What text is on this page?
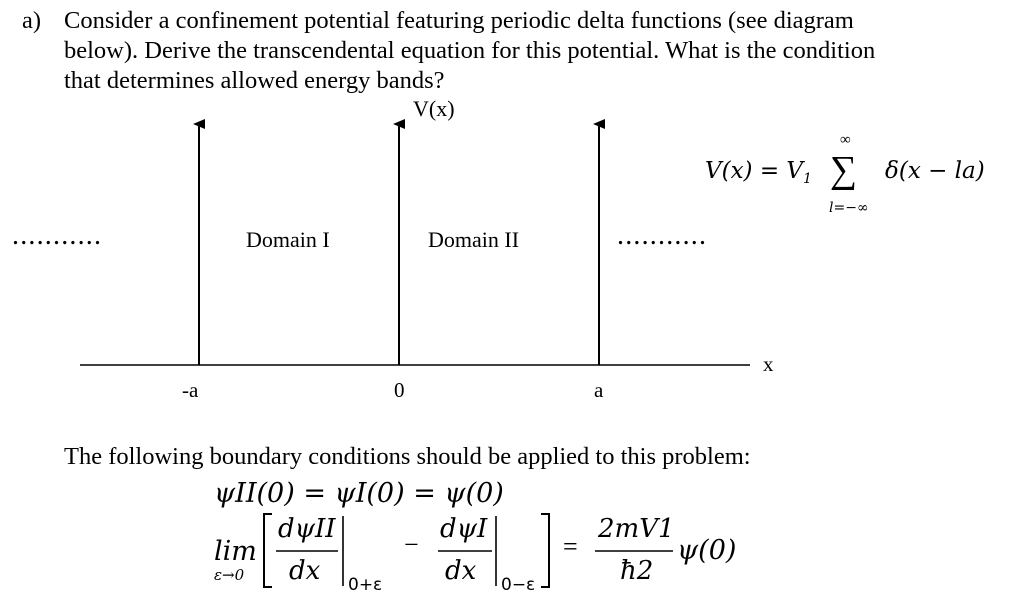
a) Consider a confinement potential featuring periodic delta functions (see diagram
below). Derive the transcendental equation for this potential. What is the condition
that determines allowed energy bands?
V(x)
x
Domain I	Domain II
...........	...........
-a	0	a
$V(x) = V_1$
∞
∑
l=−∞
δ(x − la)
The following boundary conditions should be applied to this problem:
ψII(0) = ψI(0) = ψ(0)
lim
ε→0
dψII
dx 0+ε
−
dψI
dx 0−ε
=
2mV1
ħ2
ψ(0)
